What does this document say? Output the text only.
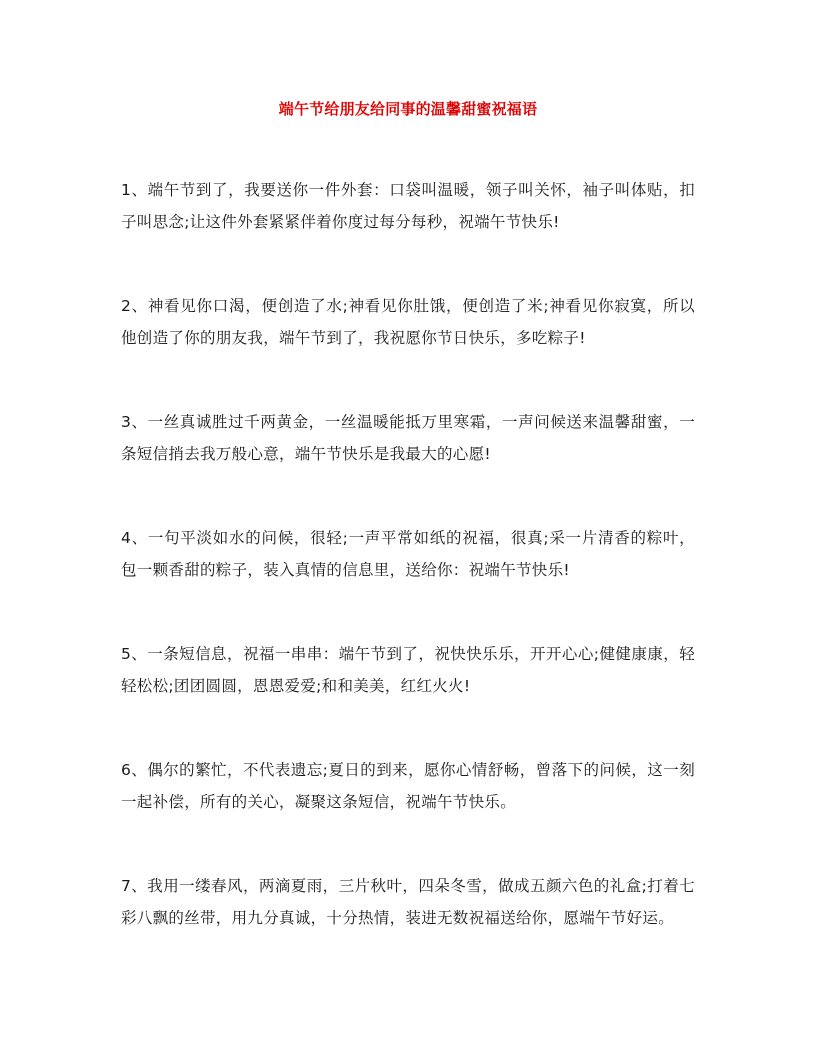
端午节给朋友给同事的温馨甜蜜祝福语

1、端午节到了，我要送你一件外套：口袋叫温暖，领子叫关怀，袖子叫体贴，扣子叫思念;让这件外套紧紧伴着你度过每分每秒，祝端午节快乐!

2、神看见你口渴，便创造了水;神看见你肚饿，便创造了米;神看见你寂寞，所以他创造了你的朋友我，端午节到了，我祝愿你节日快乐，多吃粽子!

3、一丝真诚胜过千两黄金，一丝温暖能抵万里寒霜，一声问候送来温馨甜蜜，一条短信捎去我万般心意，端午节快乐是我最大的心愿!

4、一句平淡如水的问候，很轻;一声平常如纸的祝福，很真;采一片清香的粽叶，包一颗香甜的粽子，装入真情的信息里，送给你：祝端午节快乐!

5、一条短信息，祝福一串串：端午节到了，祝快快乐乐，开开心心;健健康康，轻轻松松;团团圆圆，恩恩爱爱;和和美美，红红火火!

6、偶尔的繁忙，不代表遗忘;夏日的到来，愿你心情舒畅，曾落下的问候，这一刻一起补偿，所有的关心，凝聚这条短信，祝端午节快乐。

7、我用一缕春风，两滴夏雨，三片秋叶，四朵冬雪，做成五颜六色的礼盒;打着七彩八飘的丝带，用九分真诚，十分热情，装进无数祝福送给你，愿端午节好运。
